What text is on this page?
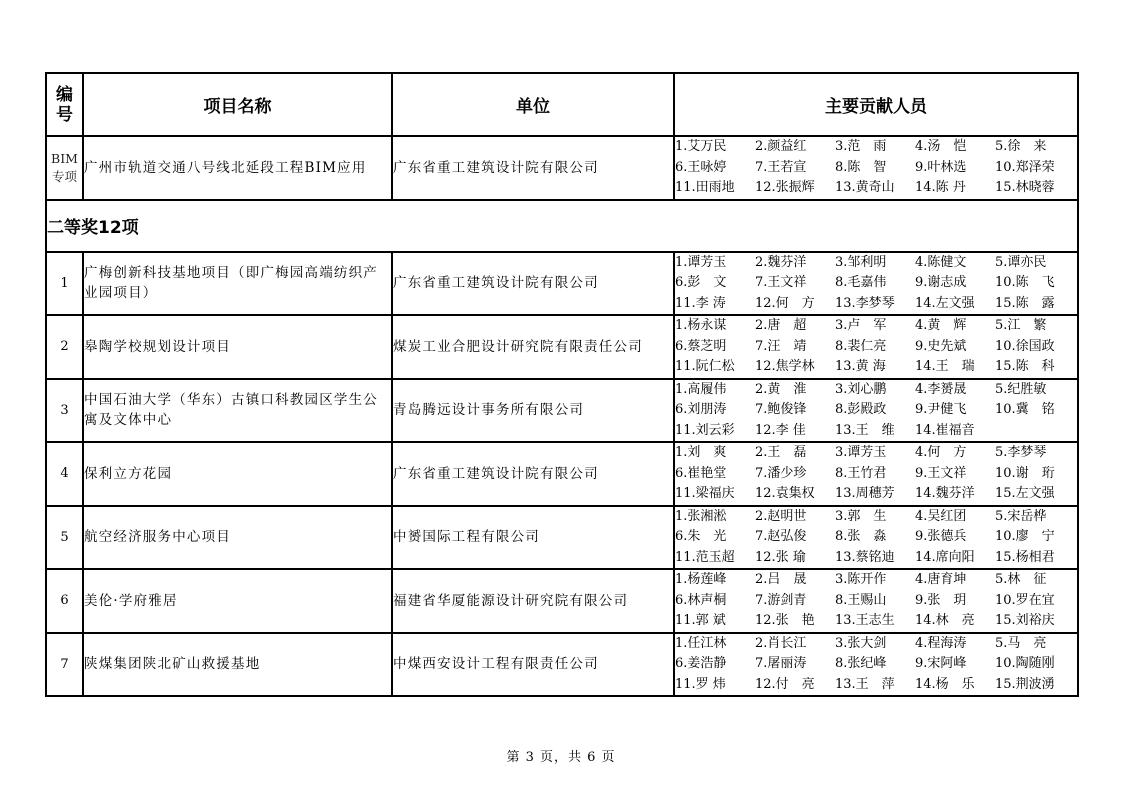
编
号	项目名称	单位	主要贡献人员

BIM
专项
	广州市轨道交通八号线北延段工程BIM应用	广东省重工建筑设计院有限公司	
1.艾万民	2.颜益红	3.范　雨	4.汤　恺	5.徐　来
6.王咏婷	7.王若宣	8.陈　智	9.叶林选	10.郑泽荣
11.田雨地	12.张振辉	13.黄奇山	14.陈 丹	15.林晓蓉

二等奖12项			
1	广梅创新科技基地项目（即广梅园高端纺织产业园项目）	广东省重工建筑设计院有限公司	
1.谭芳玉	2.魏芬洋	3.邹利明	4.陈健文	5.谭亦民
6.彭　文	7.王文祥	8.毛嘉伟	9.谢志成	10.陈　飞
11.李 涛	12.何　方	13.李梦琴	14.左文强	15.陈　露

2	皋陶学校规划设计项目	煤炭工业合肥设计研究院有限责任公司	
1.杨永谋	2.唐　超	3.卢　军	4.黄　辉	5.江　繁
6.蔡芝明	7.汪　靖	8.裴仁亮	9.史先斌	10.徐国政
11.阮仁松	12.焦学林	13.黄 海	14.王　瑞	15.陈　科

3	中国石油大学（华东）古镇口科教园区学生公寓及文体中心	青岛腾远设计事务所有限公司	
1.高履伟	2.黄　淮	3.刘心鹏	4.李赟晟	5.纪胜敏
6.刘朋涛	7.鲍俊锋	8.彭殿政	9.尹健飞	10.冀　铭
11.刘云彩	12.李 佳	13.王　维	14.崔福音

4	保利立方花园	广东省重工建筑设计院有限公司	
1.刘　爽	2.王　磊	3.谭芳玉	4.何　方	5.李梦琴
6.崔艳堂	7.潘少珍	8.王竹君	9.王文祥	10.谢　珩
11.梁福庆	12.袁集权	13.周穗芳	14.魏芬洋	15.左文强

5	航空经济服务中心项目	中赟国际工程有限公司	
1.张湘淞	2.赵明世	3.郭　生	4.吴红团	5.宋岳桦
6.朱　光	7.赵弘俊	8.张　淼	9.张德兵	10.廖　宁
11.范玉超	12.张 瑜	13.蔡铭迪	14.席向阳	15.杨相君

6	美伦·学府雅居	福建省华厦能源设计研究院有限公司	
1.杨莲峰	2.吕　晟	3.陈开作	4.唐育坤	5.林　征
6.林声桐	7.游剑青	8.王赐山	9.张　玥	10.罗在宜
11.郭 斌	12.张　艳	13.王志生	14.林　亮	15.刘裕庆

7	陕煤集团陕北矿山救援基地	中煤西安设计工程有限责任公司	
1.任江林	2.肖长江	3.张大剑	4.程海涛	5.马　亮
6.姜浩静	7.屠丽涛	8.张纪峰	9.宋阿峰	10.陶随刚
11.罗 炜	12.付　亮	13.王　萍	14.杨　乐	15.荆波湧
第 3 页，共 6 页
